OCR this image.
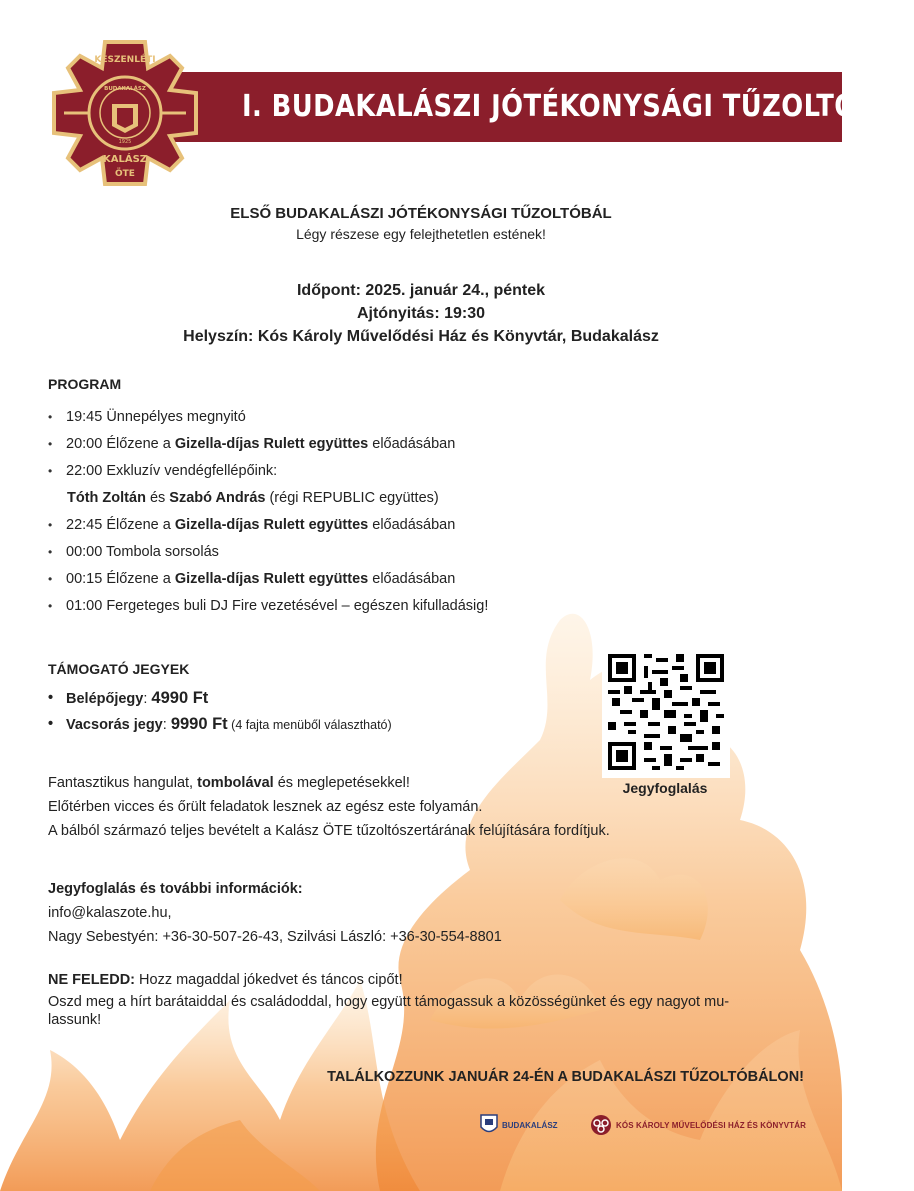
I. BUDAKALÁSZI JÓTÉKONYSÁGI TŰZOLTÓBÁL
KÉSZENLÉTI
BUDAKALÁSZ
1925
KALÁSZ
ÖTE
ELSŐ BUDAKALÁSZI JÓTÉKONYSÁGI TŰZOLTÓBÁL
Légy részese egy felejthetetlen estének!
Időpont: 2025. január 24., péntek
Ajtónyitás: 19:30
Helyszín: Kós Károly Művelődési Ház és Könyvtár, Budakalász
PROGRAM
• 19:45 Ünnepélyes megnyitó
• 20:00 Élőzene a Gizella-díjas Rulett együttes előadásában
• 22:00 Exkluzív vendégfellépőink:
Tóth Zoltán és Szabó András (régi REPUBLIC együttes)
• 22:45 Élőzene a Gizella-díjas Rulett együttes előadásában
• 00:00 Tombola sorsolás
• 00:15 Élőzene a Gizella-díjas Rulett együttes előadásában
• 01:00 Fergeteges buli DJ Fire vezetésével – egészen kifulladásig!
TÁMOGATÓ JEGYEK
• Belépőjegy: 4990 Ft
• Vacsorás jegy: 9990 Ft (4 fajta menüből választható)
Jegyfoglalás
Fantasztikus hangulat, tombolával és meglepetésekkel!
Előtérben vicces és őrült feladatok lesznek az egész este folyamán.
A bálból származó teljes bevételt a Kalász ÖTE tűzoltószertárának felújítására fordítjuk.
Jegyfoglalás és további információk:
info@kalaszote.hu,
Nagy Sebestyén: +36-30-507-26-43, Szilvási László: +36-30-554-8801
NE FELEDD: Hozz magaddal jókedvet és táncos cipőt!
Oszd meg a hírt barátaiddal és családoddal, hogy együtt támogassuk a közösségünket és egy nagyot mu-
lassunk!
TALÁLKOZZUNK JANUÁR 24-ÉN A BUDAKALÁSZI TŰZOLTÓBÁLON!
BUDAKALÁSZ	KÓS KÁROLY MŰVELŐDÉSI HÁZ ÉS KÖNYVTÁR
